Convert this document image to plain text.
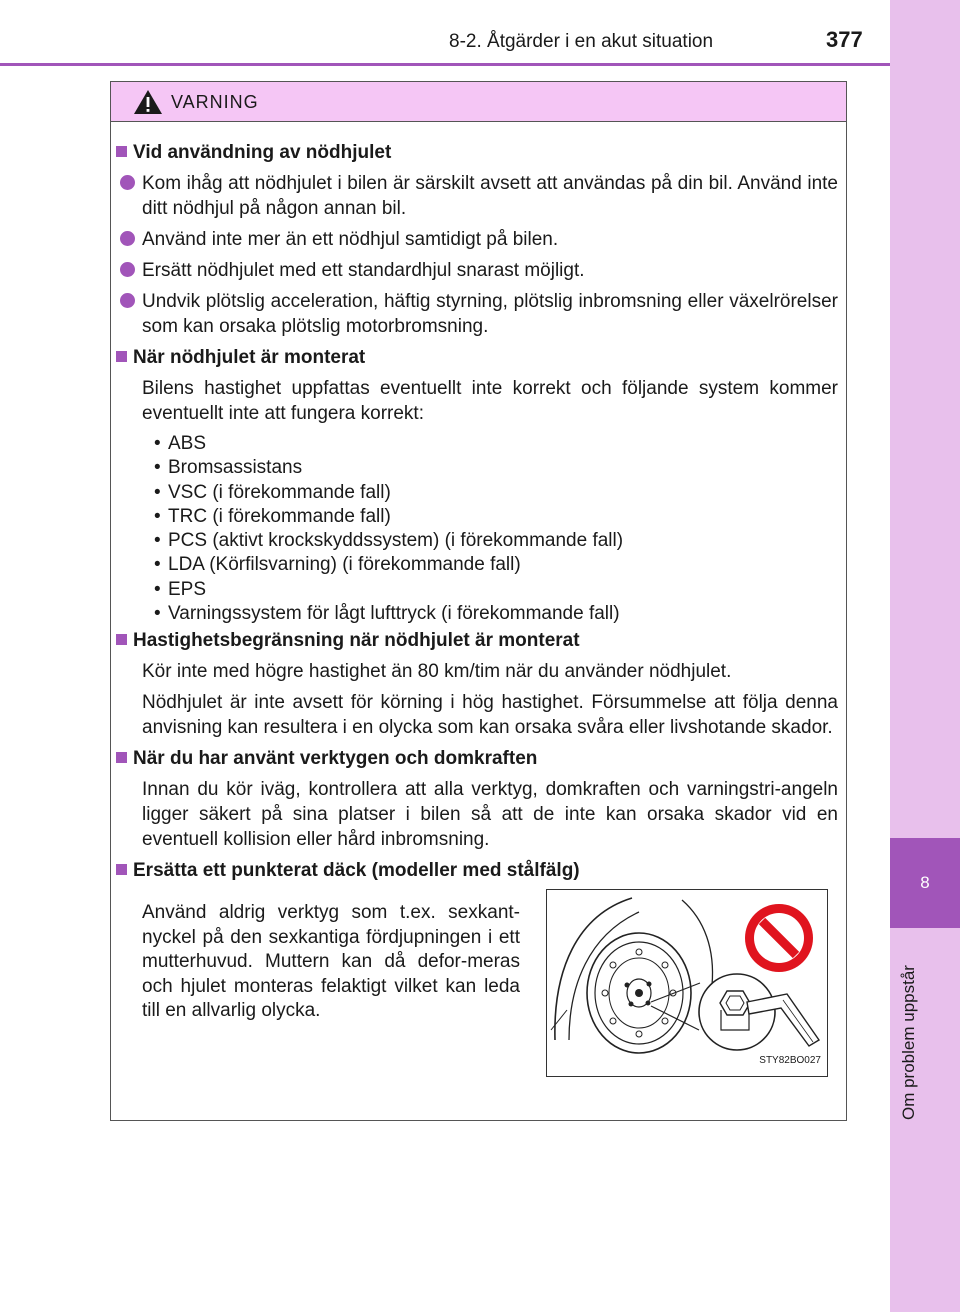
8
Om problem uppstår
8-2. Åtgärder i en akut situation	377
VARNING
Vid användning av nödhjulet
Kom ihåg att nödhjulet i bilen är särskilt avsett att användas på din bil. Använd inte ditt nödhjul på någon annan bil.
Använd inte mer än ett nödhjul samtidigt på bilen.
Ersätt nödhjulet med ett standardhjul snarast möjligt.
Undvik plötslig acceleration, häftig styrning, plötslig inbromsning eller växelrörelser som kan orsaka plötslig motorbromsning.
När nödhjulet är monterat
Bilens hastighet uppfattas eventuellt inte korrekt och följande system kommer eventuellt inte att fungera korrekt:
• ABS
• Bromsassistans
• VSC (i förekommande fall)
• TRC (i förekommande fall)
• PCS (aktivt krockskyddssystem) (i förekommande fall)
• LDA (Körfilsvarning) (i förekommande fall)
• EPS
• Varningssystem för lågt lufttryck (i förekommande fall)
Hastighetsbegränsning när nödhjulet är monterat
Kör inte med högre hastighet än 80 km/tim när du använder nödhjulet.
Nödhjulet är inte avsett för körning i hög hastighet. Försummelse att följa denna anvisning kan resultera i en olycka som kan orsaka svåra eller livshotande skador.
När du har använt verktygen och domkraften
Innan du kör iväg, kontrollera att alla verktyg, domkraften och varningstri-angeln ligger säkert på sina platser i bilen så att de inte kan orsaka skador vid en eventuell kollision eller hård inbromsning.
Ersätta ett punkterat däck (modeller med stålfälg)
Använd aldrig verktyg som t.ex. sexkant-nyckel på den sexkantiga fördjupningen i ett mutterhuvud. Muttern kan då defor-meras och hjulet monteras felaktigt vilket kan leda till en allvarlig olycka.
STY82BO027
